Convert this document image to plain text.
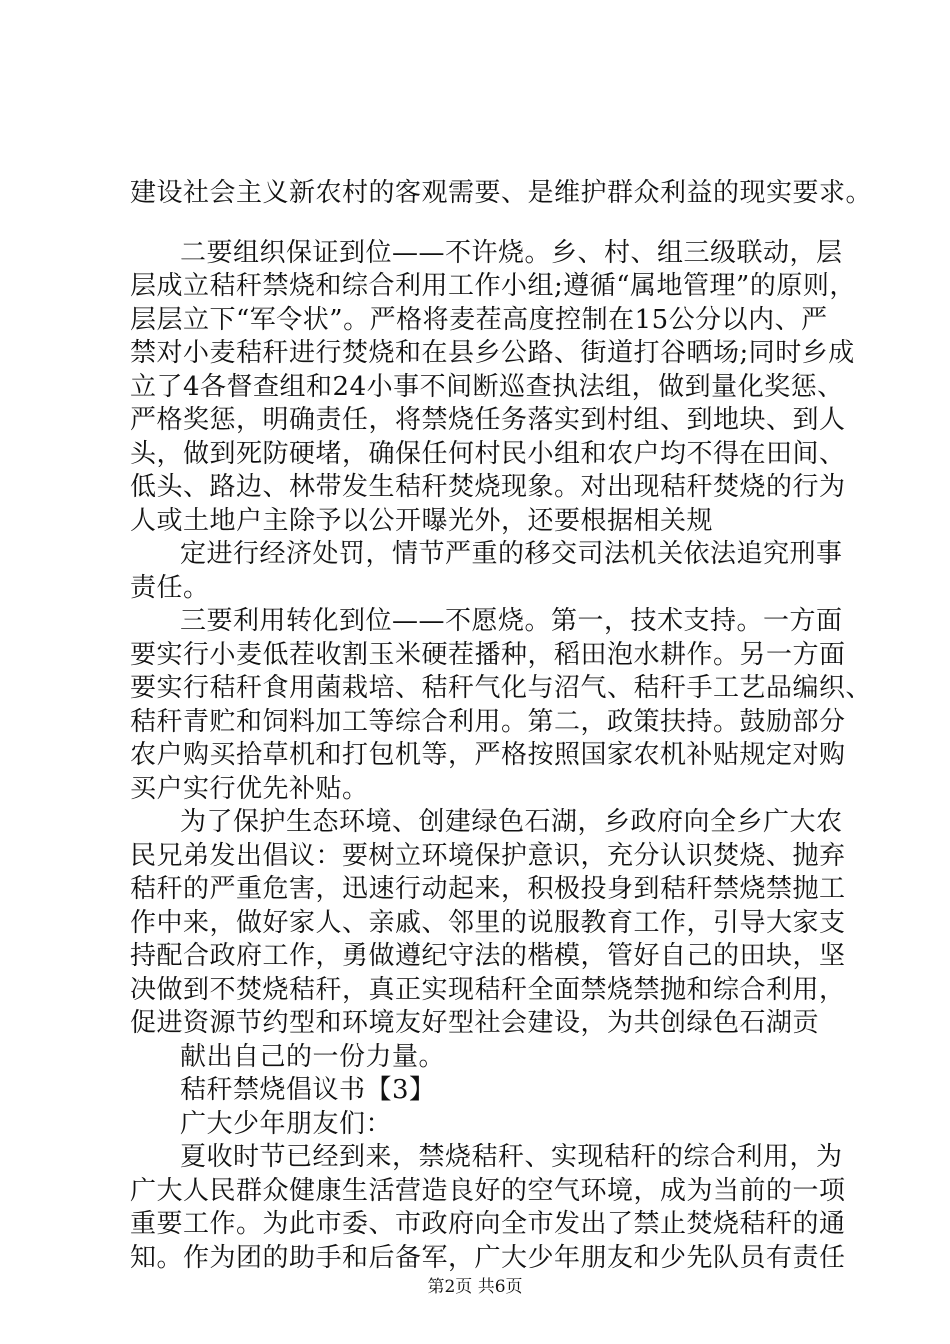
建设社会主义新农村的客观需要、是维护群众利益的现实要求。
二要组织保证到位——不许烧。乡、村、组三级联动，层
层成立秸秆禁烧和综合利用工作小组;遵循“属地管理”的原则，
层层立下“军令状”。严格将麦茬高度控制在15公分以内、严
禁对小麦秸秆进行焚烧和在县乡公路、街道打谷晒场;同时乡成
立了4各督查组和24小事不间断巡查执法组，做到量化奖惩、
严格奖惩，明确责任，将禁烧任务落实到村组、到地块、到人
头，做到死防硬堵，确保任何村民小组和农户均不得在田间、
低头、路边、林带发生秸秆焚烧现象。对出现秸秆焚烧的行为
人或土地户主除予以公开曝光外，还要根据相关规
定进行经济处罚，情节严重的移交司法机关依法追究刑事
责任。
三要利用转化到位——不愿烧。第一，技术支持。一方面
要实行小麦低茬收割玉米硬茬播种，稻田泡水耕作。另一方面
要实行秸秆食用菌栽培、秸秆气化与沼气、秸秆手工艺品编织、
秸秆青贮和饲料加工等综合利用。第二，政策扶持。鼓励部分
农户购买拾草机和打包机等，严格按照国家农机补贴规定对购
买户实行优先补贴。
为了保护生态环境、创建绿色石湖，乡政府向全乡广大农
民兄弟发出倡议：要树立环境保护意识，充分认识焚烧、抛弃
秸秆的严重危害，迅速行动起来，积极投身到秸秆禁烧禁抛工
作中来，做好家人、亲戚、邻里的说服教育工作，引导大家支
持配合政府工作，勇做遵纪守法的楷模，管好自己的田块，坚
决做到不焚烧秸秆，真正实现秸秆全面禁烧禁抛和综合利用，
促进资源节约型和环境友好型社会建设，为共创绿色石湖贡
献出自己的一份力量。
秸秆禁烧倡议书【3】
广大少年朋友们：
夏收时节已经到来，禁烧秸秆、实现秸秆的综合利用，为
广大人民群众健康生活营造良好的空气环境，成为当前的一项
重要工作。为此市委、市政府向全市发出了禁止焚烧秸秆的通
知。作为团的助手和后备军，广大少年朋友和少先队员有责任
第2页 共6页
